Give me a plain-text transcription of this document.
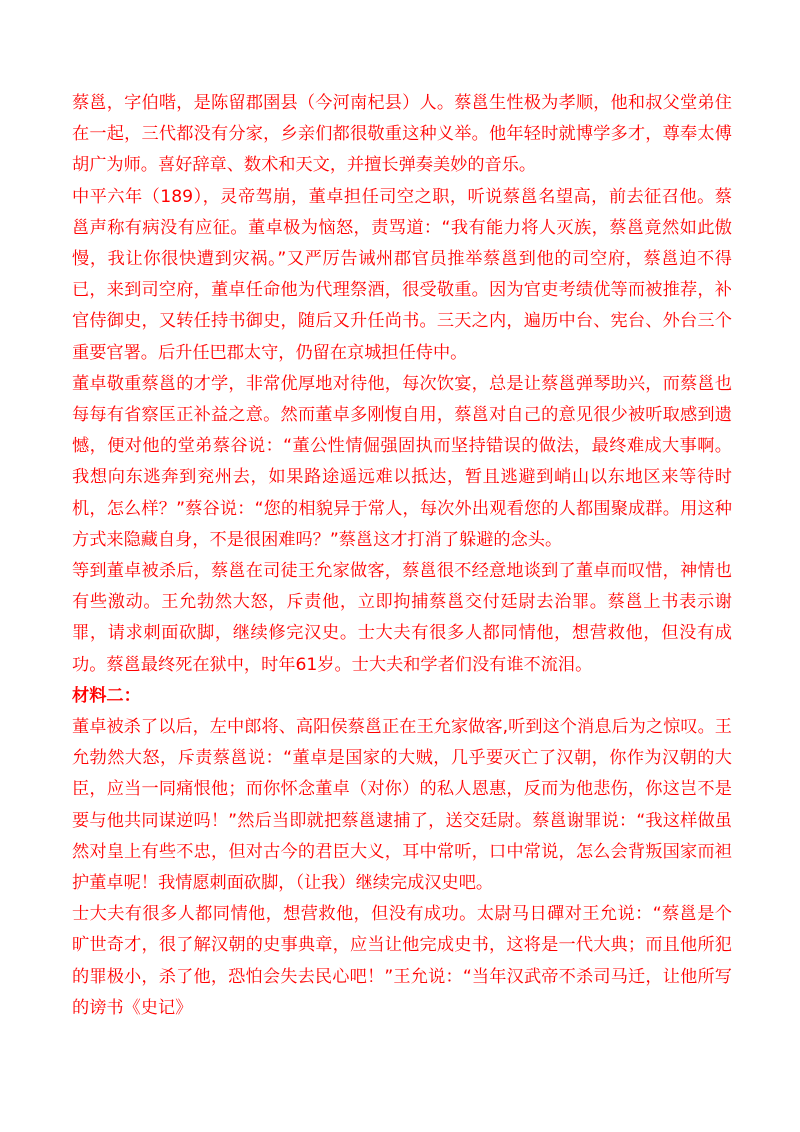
蔡邕，字伯喈，是陈留郡圉县（今河南杞县）人。蔡邕生性极为孝顺，他和叔父堂弟住在一起，三代都没有分家，乡亲们都很敬重这种义举。他年轻时就博学多才，尊奉太傅胡广为师。喜好辞章、数术和天文，并擅长弹奏美妙的音乐。

中平六年（189），灵帝驾崩，董卓担任司空之职，听说蔡邕名望高，前去征召他。蔡邕声称有病没有应征。董卓极为恼怒，责骂道：“我有能力将人灭族，蔡邕竟然如此傲慢，我让你很快遭到灾祸。”又严厉告诫州郡官员推举蔡邕到他的司空府，蔡邕迫不得已，来到司空府，董卓任命他为代理祭酒，很受敬重。因为官吏考绩优等而被推荐，补官侍御史，又转任持书御史，随后又升任尚书。三天之内，遍历中台、宪台、外台三个重要官署。后升任巴郡太守，仍留在京城担任侍中。

董卓敬重蔡邕的才学，非常优厚地对待他，每次饮宴，总是让蔡邕弹琴助兴，而蔡邕也每每有省察匡正补益之意。然而董卓多刚愎自用，蔡邕对自己的意见很少被听取感到遗憾，便对他的堂弟蔡谷说：“董公性情倔强固执而坚持错误的做法，最终难成大事啊。我想向东逃奔到兖州去，如果路途遥远难以抵达，暂且逃避到峭山以东地区来等待时机，怎么样？”蔡谷说：“您的相貌异于常人，每次外出观看您的人都围聚成群。用这种方式来隐藏自身，不是很困难吗？”蔡邕这才打消了躲避的念头。

等到董卓被杀后，蔡邕在司徒王允家做客，蔡邕很不经意地谈到了董卓而叹惜，神情也有些激动。王允勃然大怒，斥责他，立即拘捕蔡邕交付廷尉去治罪。蔡邕上书表示谢罪，请求刺面砍脚，继续修完汉史。士大夫有很多人都同情他，想营救他，但没有成功。蔡邕最终死在狱中，时年61岁。士大夫和学者们没有谁不流泪。

材料二：

董卓被杀了以后，左中郎将、高阳侯蔡邕正在王允家做客,听到这个消息后为之惊叹。王允勃然大怒，斥责蔡邕说：“董卓是国家的大贼，几乎要灭亡了汉朝，你作为汉朝的大臣，应当一同痛恨他；而你怀念董卓（对你）的私人恩惠，反而为他悲伤，你这岂不是要与他共同谋逆吗！”然后当即就把蔡邕逮捕了，送交廷尉。蔡邕谢罪说：“我这样做虽然对皇上有些不忠，但对古今的君臣大义，耳中常听，口中常说，怎么会背叛国家而袒护董卓呢！我情愿刺面砍脚，（让我）继续完成汉史吧。

士大夫有很多人都同情他，想营救他，但没有成功。太尉马日磾对王允说：“蔡邕是个旷世奇才，很了解汉朝的史事典章，应当让他完成史书，这将是一代大典；而且他所犯的罪极小，杀了他，恐怕会失去民心吧！”王允说：“当年汉武帝不杀司马迁，让他所写的谤书《史记》
